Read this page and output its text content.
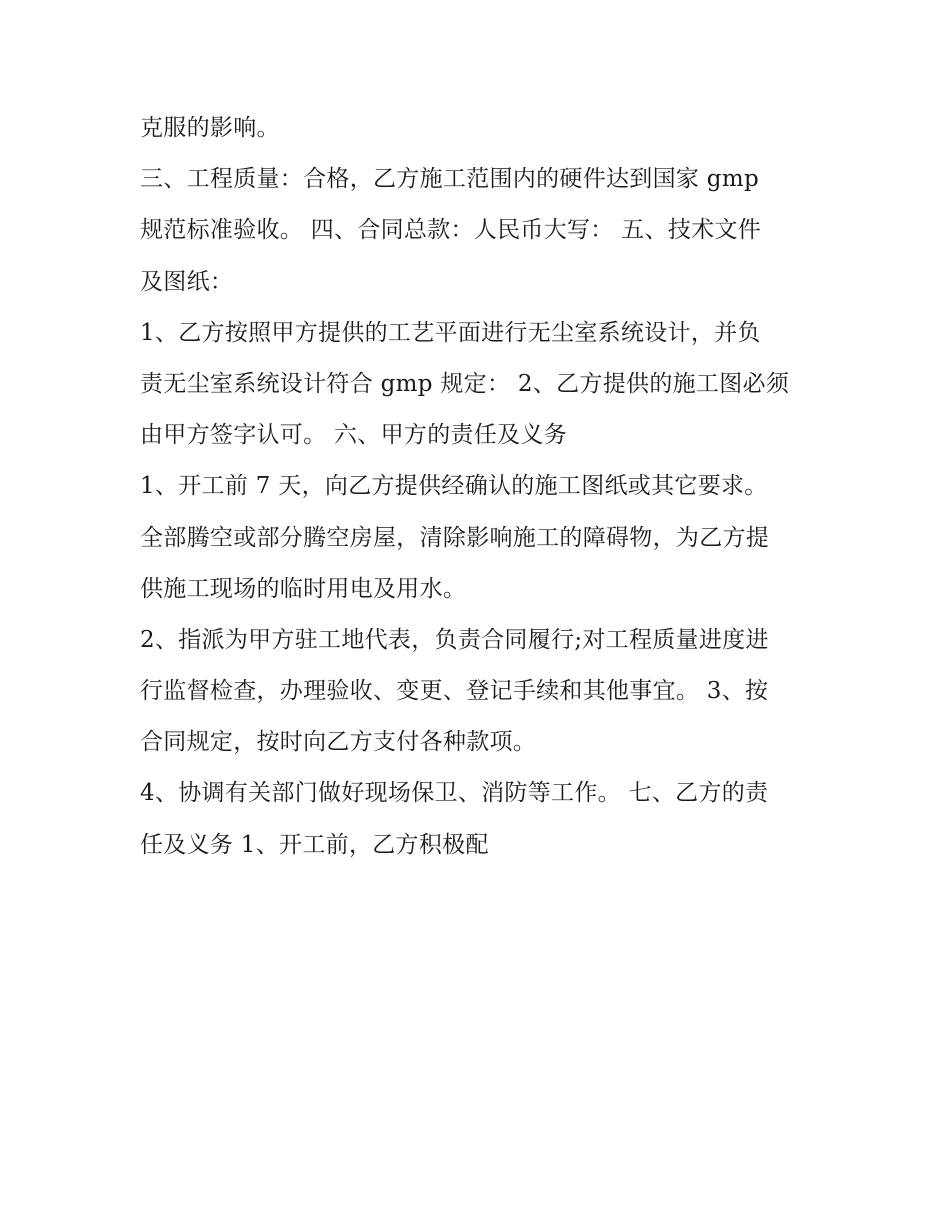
克服的影响。
三、工程质量：合格，乙方施工范围内的硬件达到国家 gmp
规范标准验收。 四、合同总款：人民币大写： 五、技术文件
及图纸：
1、乙方按照甲方提供的工艺平面进行无尘室系统设计，并负
责无尘室系统设计符合 gmp 规定： 2、乙方提供的施工图必须
由甲方签字认可。 六、甲方的责任及义务
1、开工前 7 天，向乙方提供经确认的施工图纸或其它要求。
全部腾空或部分腾空房屋，清除影响施工的障碍物，为乙方提
供施工现场的临时用电及用水。
2、指派为甲方驻工地代表，负责合同履行;对工程质量进度进
行监督检查，办理验收、变更、登记手续和其他事宜。 3、按
合同规定，按时向乙方支付各种款项。
4、协调有关部门做好现场保卫、消防等工作。 七、乙方的责
任及义务 1、开工前，乙方积极配
